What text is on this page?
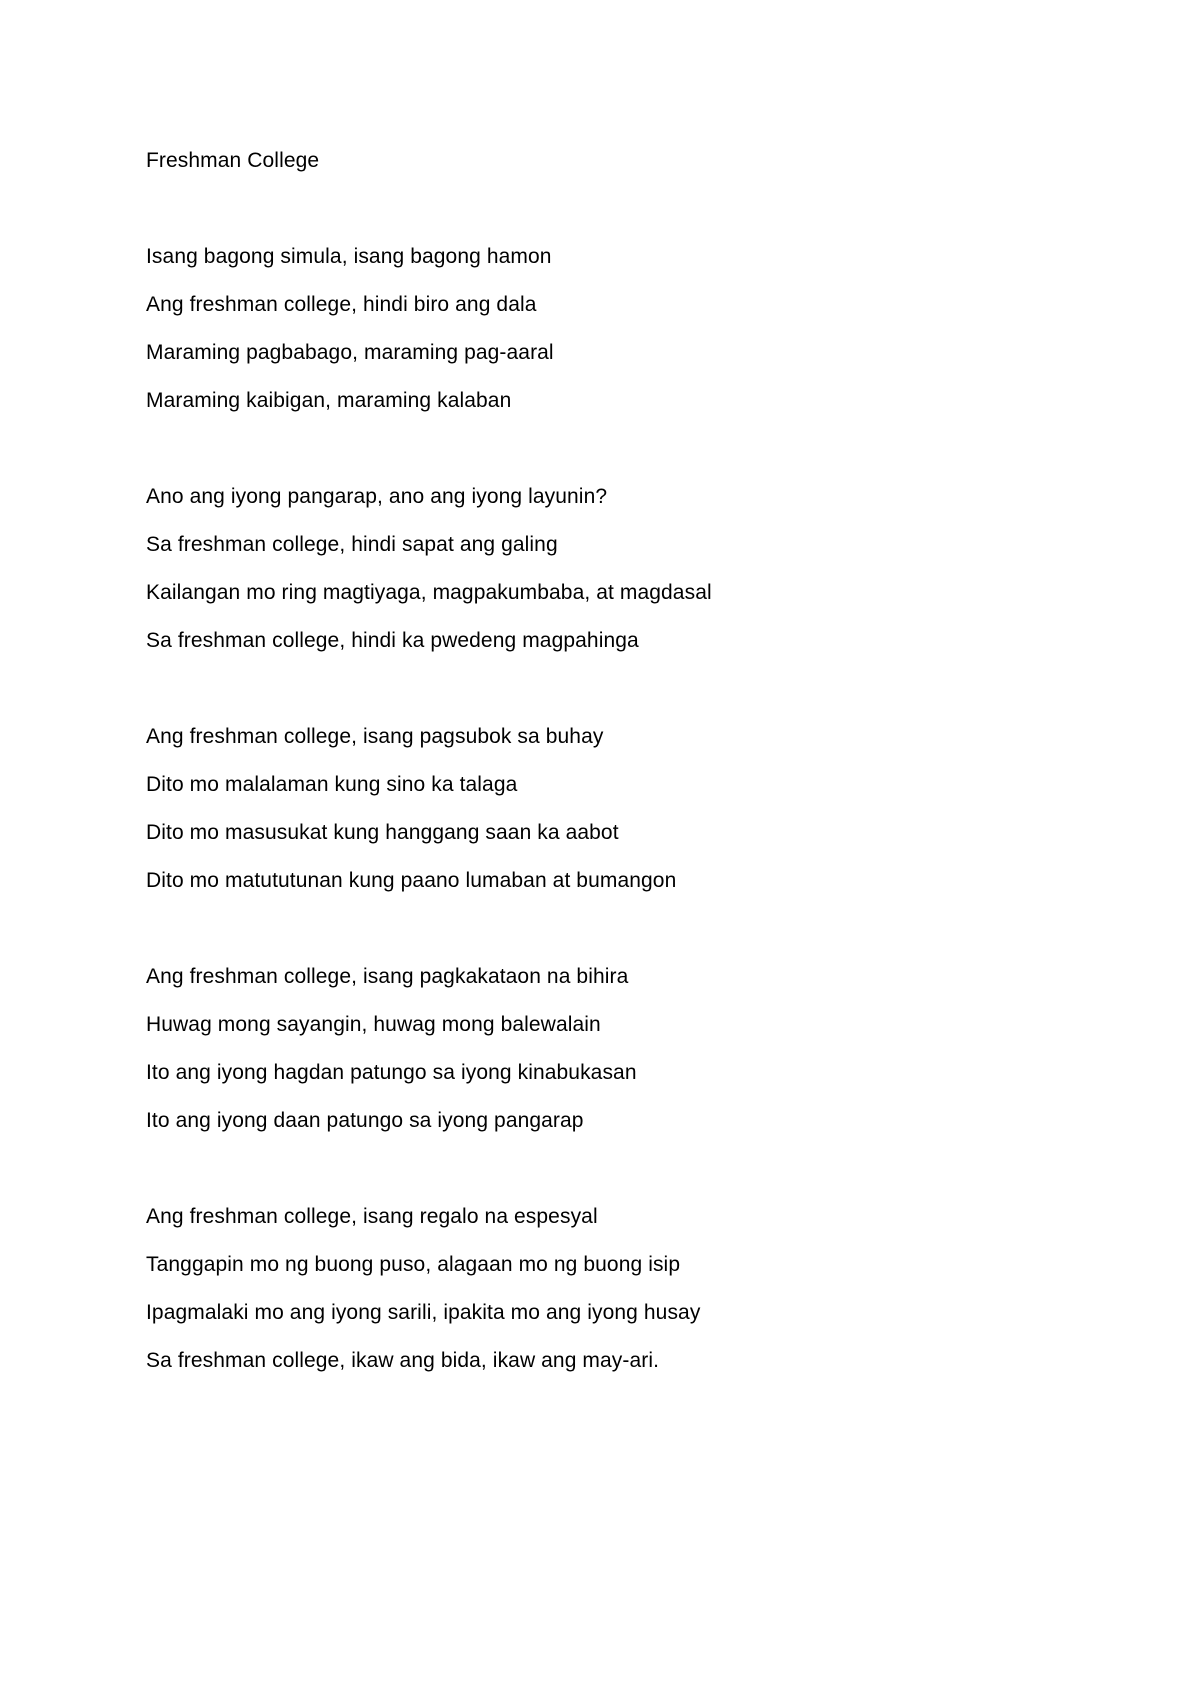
Freshman College
Isang bagong simula, isang bagong hamon
Ang freshman college, hindi biro ang dala
Maraming pagbabago, maraming pag-aaral
Maraming kaibigan, maraming kalaban
Ano ang iyong pangarap, ano ang iyong layunin?
Sa freshman college, hindi sapat ang galing
Kailangan mo ring magtiyaga, magpakumbaba, at magdasal
Sa freshman college, hindi ka pwedeng magpahinga
Ang freshman college, isang pagsubok sa buhay
Dito mo malalaman kung sino ka talaga
Dito mo masusukat kung hanggang saan ka aabot
Dito mo matututunan kung paano lumaban at bumangon
Ang freshman college, isang pagkakataon na bihira
Huwag mong sayangin, huwag mong balewalain
Ito ang iyong hagdan patungo sa iyong kinabukasan
Ito ang iyong daan patungo sa iyong pangarap
Ang freshman college, isang regalo na espesyal
Tanggapin mo ng buong puso, alagaan mo ng buong isip
Ipagmalaki mo ang iyong sarili, ipakita mo ang iyong husay
Sa freshman college, ikaw ang bida, ikaw ang may-ari.
